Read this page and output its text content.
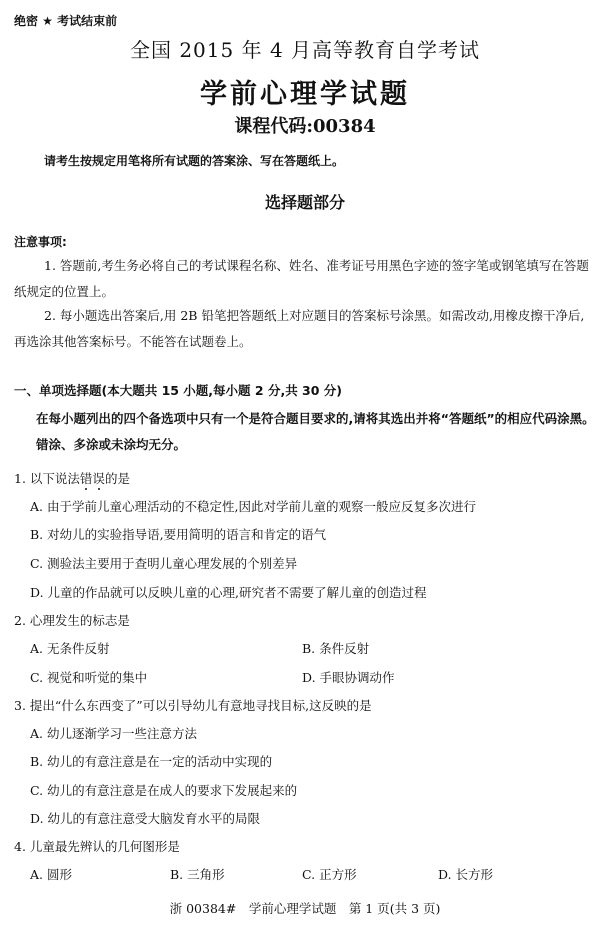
绝密 ★ 考试结束前
全国 2015 年 4 月高等教育自学考试
学前心理学试题
课程代码:00384
请考生按规定用笔将所有试题的答案涂、写在答题纸上。
选择题部分
注意事项:
1. 答题前,考生务必将自己的考试课程名称、姓名、准考证号用黑色字迹的签字笔或钢笔填写在答题纸规定的位置上。
2. 每小题选出答案后,用 2B 铅笔把答题纸上对应题目的答案标号涂黑。如需改动,用橡皮擦干净后,再选涂其他答案标号。不能答在试题卷上。
一、单项选择题(本大题共 15 小题,每小题 2 分,共 30 分)
在每小题列出的四个备选项中只有一个是符合题目要求的,请将其选出并将“答题纸”的相应代码涂黑。错涂、多涂或未涂均无分。
1. 以下说法错误的是
A. 由于学前儿童心理活动的不稳定性,因此对学前儿童的观察一般应反复多次进行
B. 对幼儿的实验指导语,要用简明的语言和肯定的语气
C. 测验法主要用于查明儿童心理发展的个别差异
D. 儿童的作品就可以反映儿童的心理,研究者不需要了解儿童的创造过程
2. 心理发生的标志是
A. 无条件反射	B. 条件反射
C. 视觉和听觉的集中	D. 手眼协调动作
3. 提出“什么东西变了”可以引导幼儿有意地寻找目标,这反映的是
A. 幼儿逐渐学习一些注意方法
B. 幼儿的有意注意是在一定的活动中实现的
C. 幼儿的有意注意是在成人的要求下发展起来的
D. 幼儿的有意注意受大脑发育水平的局限
4. 儿童最先辨认的几何图形是
A. 圆形	B. 三角形	C. 正方形	D. 长方形
浙 00384#　学前心理学试题　第 1 页(共 3 页)
